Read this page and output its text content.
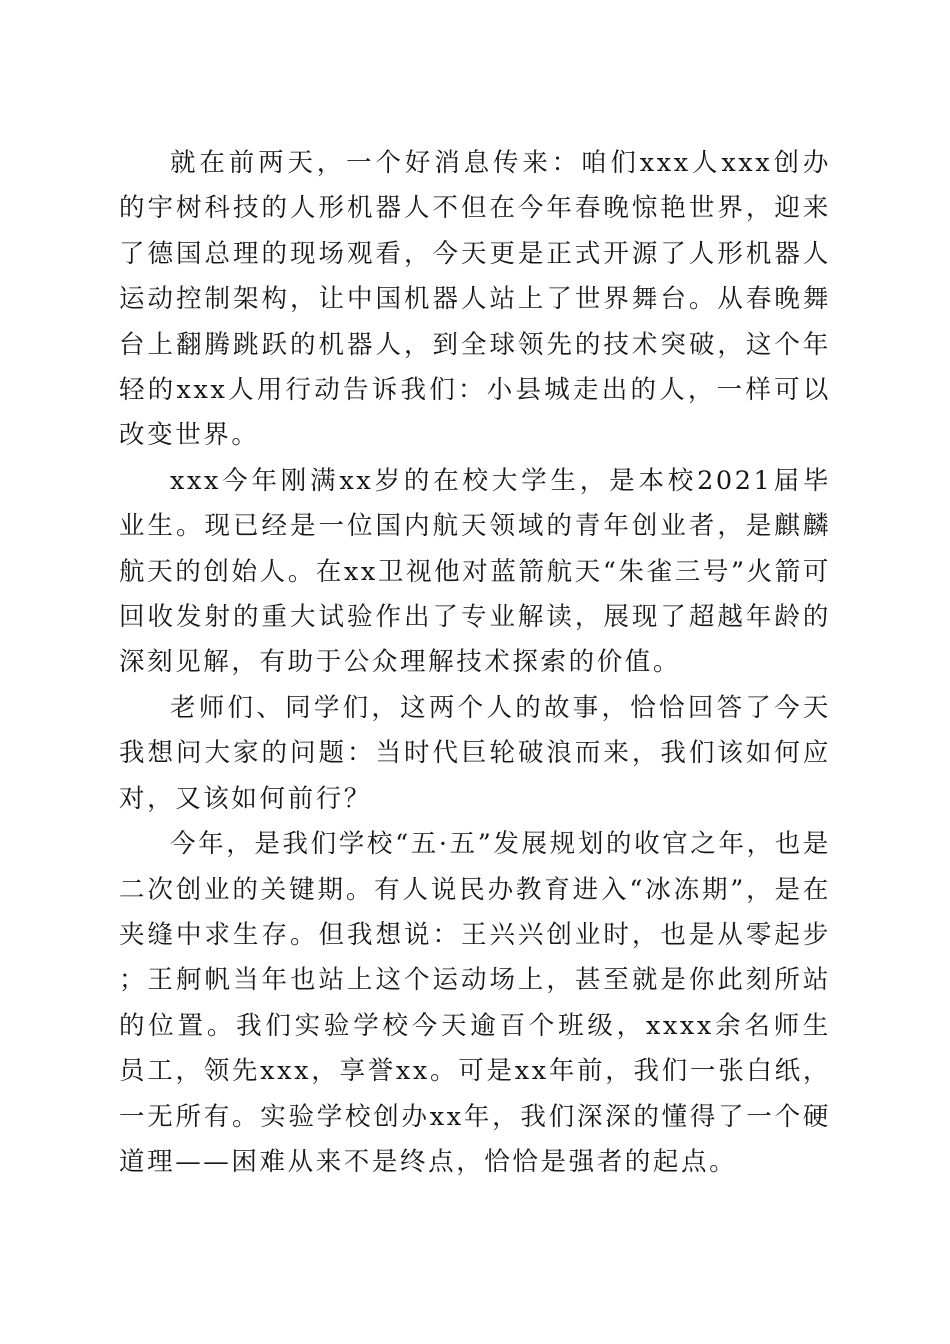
就在前两天，一个好消息传来：咱们xxx人xxx创办的宇树科技的人形机器人不但在今年春晚惊艳世界，迎来了德国总理的现场观看，今天更是正式开源了人形机器人运动控制架构，让中国机器人站上了世界舞台。从春晚舞台上翻腾跳跃的机器人，到全球领先的技术突破，这个年轻的xxx人用行动告诉我们：小县城走出的人，一样可以改变世界。

xxx今年刚满xx岁的在校大学生，是本校2021届毕业生。现已经是一位国内航天领域的青年创业者，是麒麟航天的创始人。在xx卫视他对蓝箭航天“朱雀三号”火箭可回收发射的重大试验作出了专业解读，展现了超越年龄的深刻见解，有助于公众理解技术探索的价值。

老师们、同学们，这两个人的故事，恰恰回答了今天我想问大家的问题：当时代巨轮破浪而来，我们该如何应对，又该如何前行？

今年，是我们学校“五·五”发展规划的收官之年，也是二次创业的关键期。有人说民办教育进入“冰冻期”，是在夹缝中求生存。但我想说：王兴兴创业时，也是从零起步；王舸帆当年也站上这个运动场上，甚至就是你此刻所站的位置。我们实验学校今天逾百个班级，xxxx余名师生员工，领先xxx，享誉xx。可是xx年前，我们一张白纸，一无所有。实验学校创办xx年，我们深深的懂得了一个硬道理——困难从来不是终点，恰恰是强者的起点。
